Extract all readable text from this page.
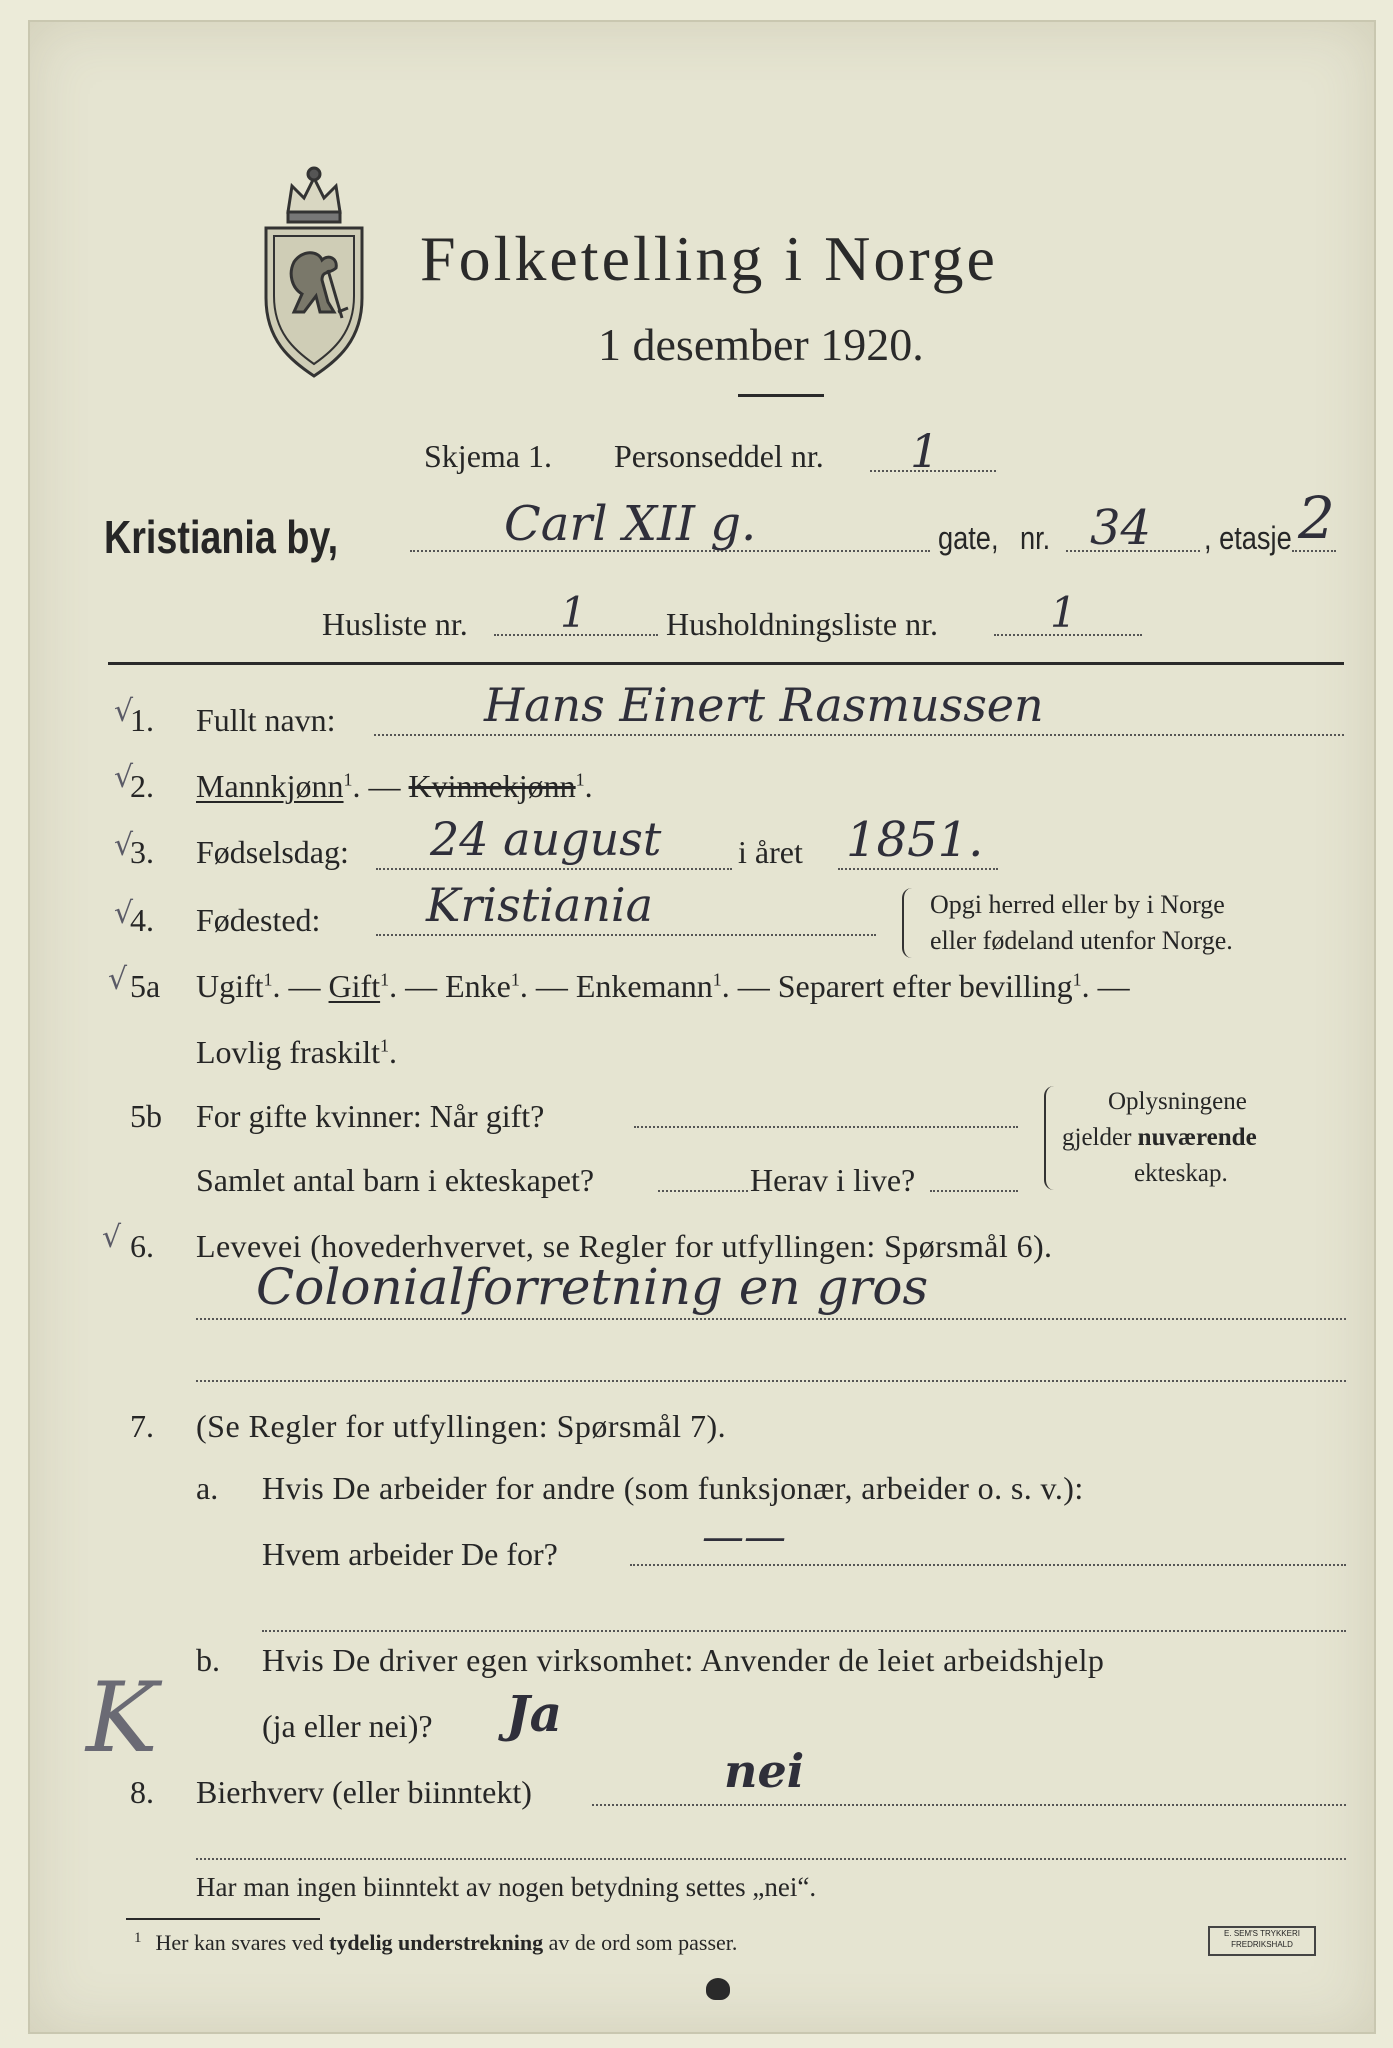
Folketelling i Norge
1 desember 1920.
Skjema 1. Personseddel nr. 1
Kristiania by,	Carl XII g.	gate, nr. 34 , etasje 2
Husliste nr. 1 Husholdningsliste nr.	1
√
1. Fullt navn:	Hans Einert Rasmussen
√
2. Mannkjønn$^1$. — Kvinnekjønn$^1$.
√
3. Fødselsdag: 24 august i året 1851.
√
4. Fødested: Kristiania	Opgi herred eller by i Norge
eller fødeland utenfor Norge.
√ 5a Ugift$^1$. — Gift$^1$. — Enke$^1$. — Enkemann$^1$. — Separert efter bevilling$^1$. —
Lovlig fraskilt$^1$.
5b For gifte kvinner: Når gift?
Samlet antal barn i ekteskapet?	Herav i live?
Oplysningene
gjelder nuværende
ekteskap.
√ 6. Levevei (hovederhvervet, se Regler for utfyllingen: Spørsmål 6).
Colonialforretning en gros
7. (Se Regler for utfyllingen: Spørsmål 7).
a. Hvis De arbeider for andre (som funksjonær, arbeider o. s. v.):
Hvem arbeider De for?	——
b. Hvis De driver egen virksomhet: Anvender de leiet arbeidshjelp
(ja eller nei)? Ja
K
8. Bierhverv (eller biinntekt)	nei
Har man ingen biinntekt av nogen betydning settes „nei“.
$^1$ Her kan svares ved tydelig understrekning av de ord som passer.	E. SEM'S TRYKKERI
FREDRIKSHALD
